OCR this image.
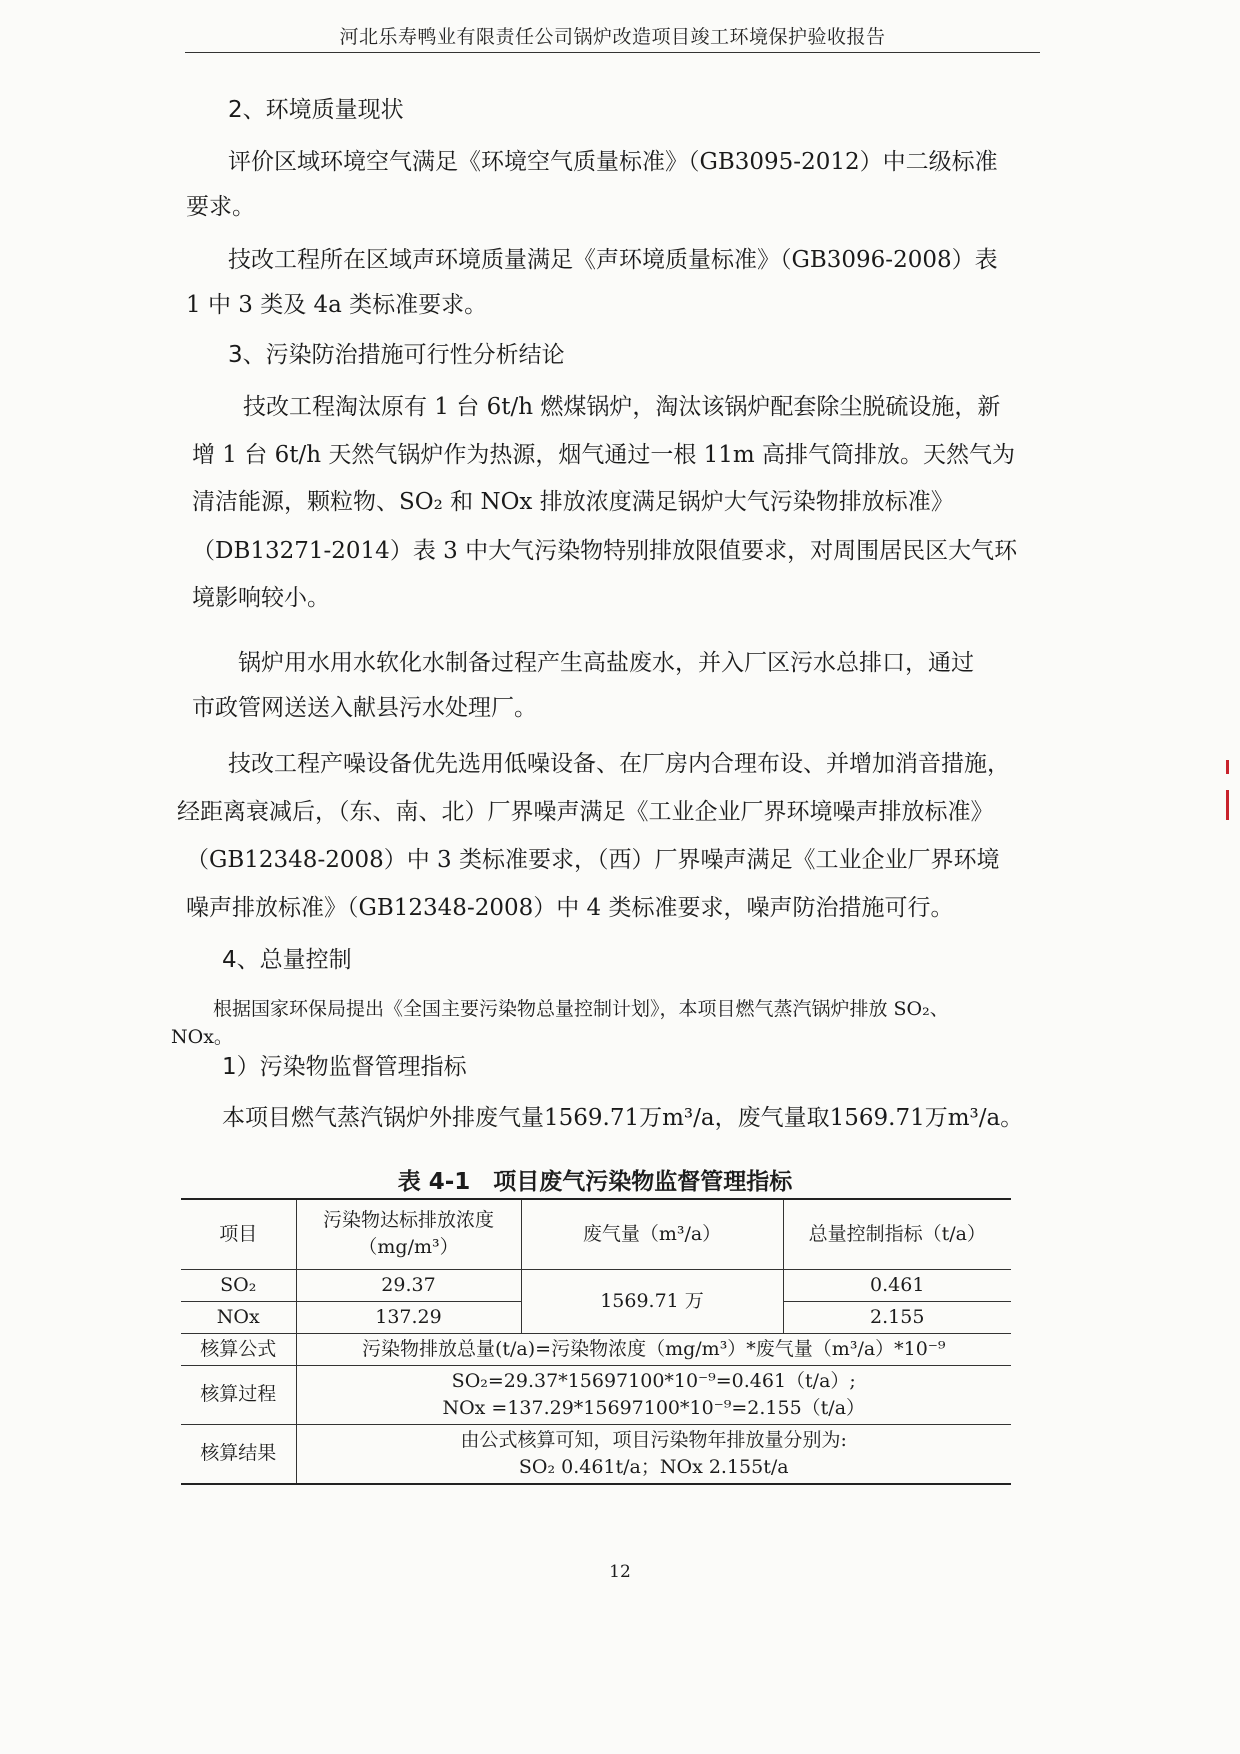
河北乐寿鸭业有限责任公司锅炉改造项目竣工环境保护验收报告
2、环境质量现状
评价区域环境空气满足《环境空气质量标准》（GB3095-2012）中二级标准
要求。
技改工程所在区域声环境质量满足《声环境质量标准》（GB3096-2008）表
1 中 3 类及 4a 类标准要求。
3、污染防治措施可行性分析结论
技改工程淘汰原有 1 台 6t/h 燃煤锅炉，淘汰该锅炉配套除尘脱硫设施，新
增 1 台 6t/h 天然气锅炉作为热源，烟气通过一根 11m 高排气筒排放。天然气为
清洁能源，颗粒物、SO₂ 和 NOx 排放浓度满足锅炉大气污染物排放标准》
（DB13271-2014）表 3 中大气污染物特别排放限值要求，对周围居民区大气环
境影响较小。
锅炉用水用水软化水制备过程产生高盐废水，并入厂区污水总排口，通过
市政管网送送入献县污水处理厂。
技改工程产噪设备优先选用低噪设备、在厂房内合理布设、并增加消音措施，
经距离衰减后，（东、南、北）厂界噪声满足《工业企业厂界环境噪声排放标准》
（GB12348-2008）中 3 类标准要求，（西）厂界噪声满足《工业企业厂界环境
噪声排放标准》（GB12348-2008）中 4 类标准要求，噪声防治措施可行。
4、总量控制
根据国家环保局提出《全国主要污染物总量控制计划》，本项目燃气蒸汽锅炉排放 SO₂、
NOx。
1）污染物监督管理指标
本项目燃气蒸汽锅炉外排废气量1569.71万m³/a，废气量取1569.71万m³/a。
表 4-1　项目废气污染物监督管理指标
项目	污染物达标排放浓度（mg/m³）	废气量（m³/a）	总量控制指标（t/a）
SO₂	29.37	1569.71 万	0.461
NOx	137.29		2.155
核算公式	污染物排放总量(t/a)=污染物浓度（mg/m³）*废气量（m³/a）*10⁻⁹		
核算过程	SO₂=29.37*15697100*10⁻⁹=0.461（t/a）;
NOx =137.29*15697100*10⁻⁹=2.155（t/a）		

核算结果	由公式核算可知，项目污染物年排放量分别为:
SO₂ 0.461t/a；NOx 2.155t/a		
12
